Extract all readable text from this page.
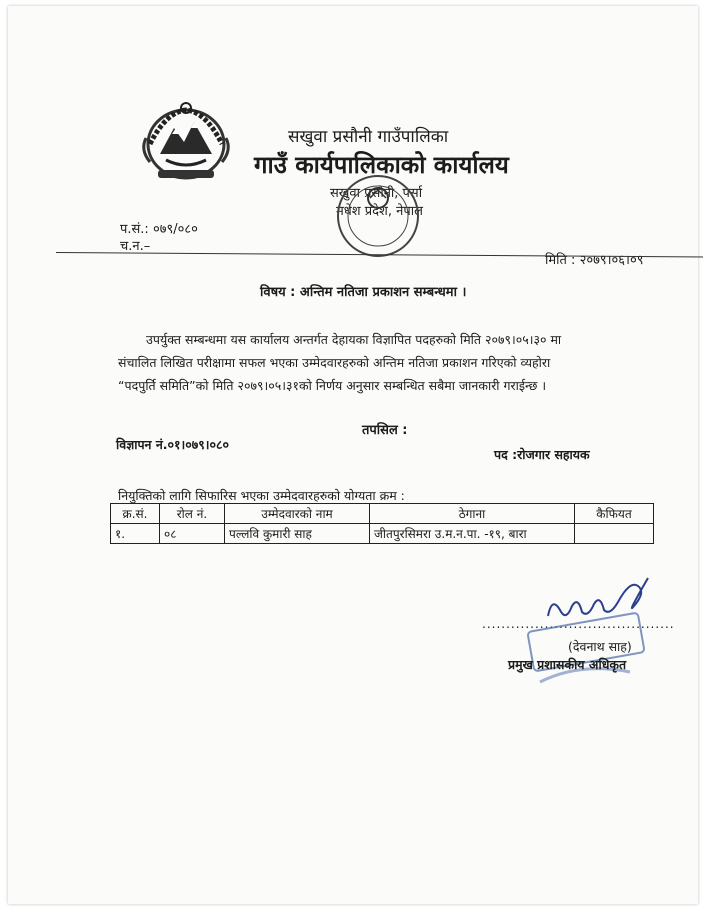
सखुवा प्रसौनी गाउँपालिका
गाउँ कार्यपालिकाको कार्यालय
सखुवा प्रसौनी, पर्सा
मधेश प्रदेश, नेपाल
प.सं.: ०७९/०८०
च.न.–
मिति : २०७९।०६।०९
विषय : अन्तिम नतिजा प्रकाशन सम्बन्धमा ।
उपर्युक्त सम्बन्धमा यस कार्यालय अन्तर्गत देहायका विज्ञापित पदहरुको मिति २०७९।०५।३० मा
संचालित लिखित परीक्षामा सफल भएका उम्मेदवारहरुको अन्तिम नतिजा प्रकाशन गरिएको व्यहोरा
“पदपुर्ति समिति”को मिति २०७९।०५।३१को निर्णय अनुसार सम्बन्धित सबैमा जानकारी गराईन्छ ।
तपसिल :
विज्ञापन नं.०१।०७९।०८०
पद :रोजगार सहायक
नियुक्तिको लागि सिफारिस भएका उम्मेदवारहरुको योग्यता क्रम :
क्र.सं.	रोल नं.	उम्मेदवारको नाम	ठेगाना	कैफियत
१.	०८	पल्लवि कुमारी साह	जीतपुरसिमरा उ.म.न.पा. -१९, बारा	
........................................
(देवनाथ साह)
प्रमुख प्रशासकीय अधिकृत
